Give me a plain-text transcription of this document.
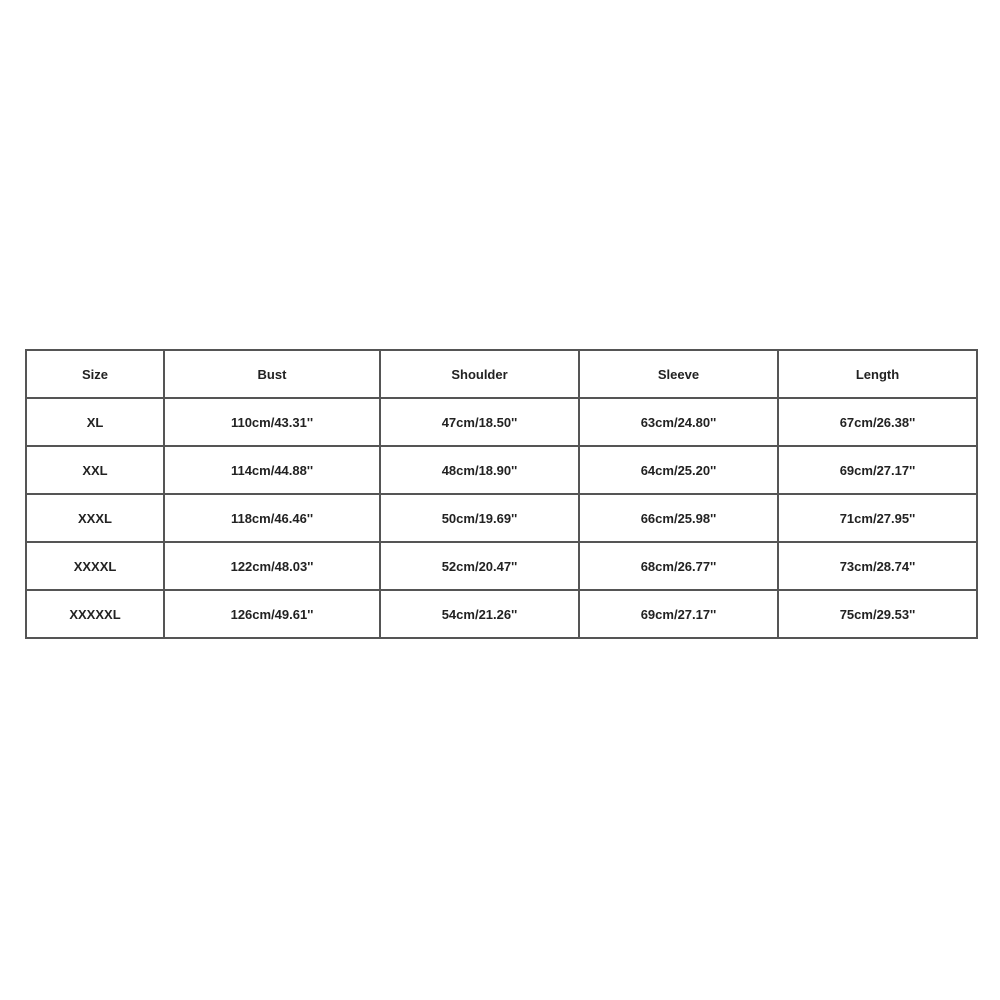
Size	Bust	Shoulder	Sleeve	Length
XL	110cm/43.31''	47cm/18.50''	63cm/24.80''	67cm/26.38''
XXL	114cm/44.88''	48cm/18.90''	64cm/25.20''	69cm/27.17''
XXXL	118cm/46.46''	50cm/19.69''	66cm/25.98''	71cm/27.95''
XXXXL	122cm/48.03''	52cm/20.47''	68cm/26.77''	73cm/28.74''
XXXXXL	126cm/49.61''	54cm/21.26''	69cm/27.17''	75cm/29.53''
